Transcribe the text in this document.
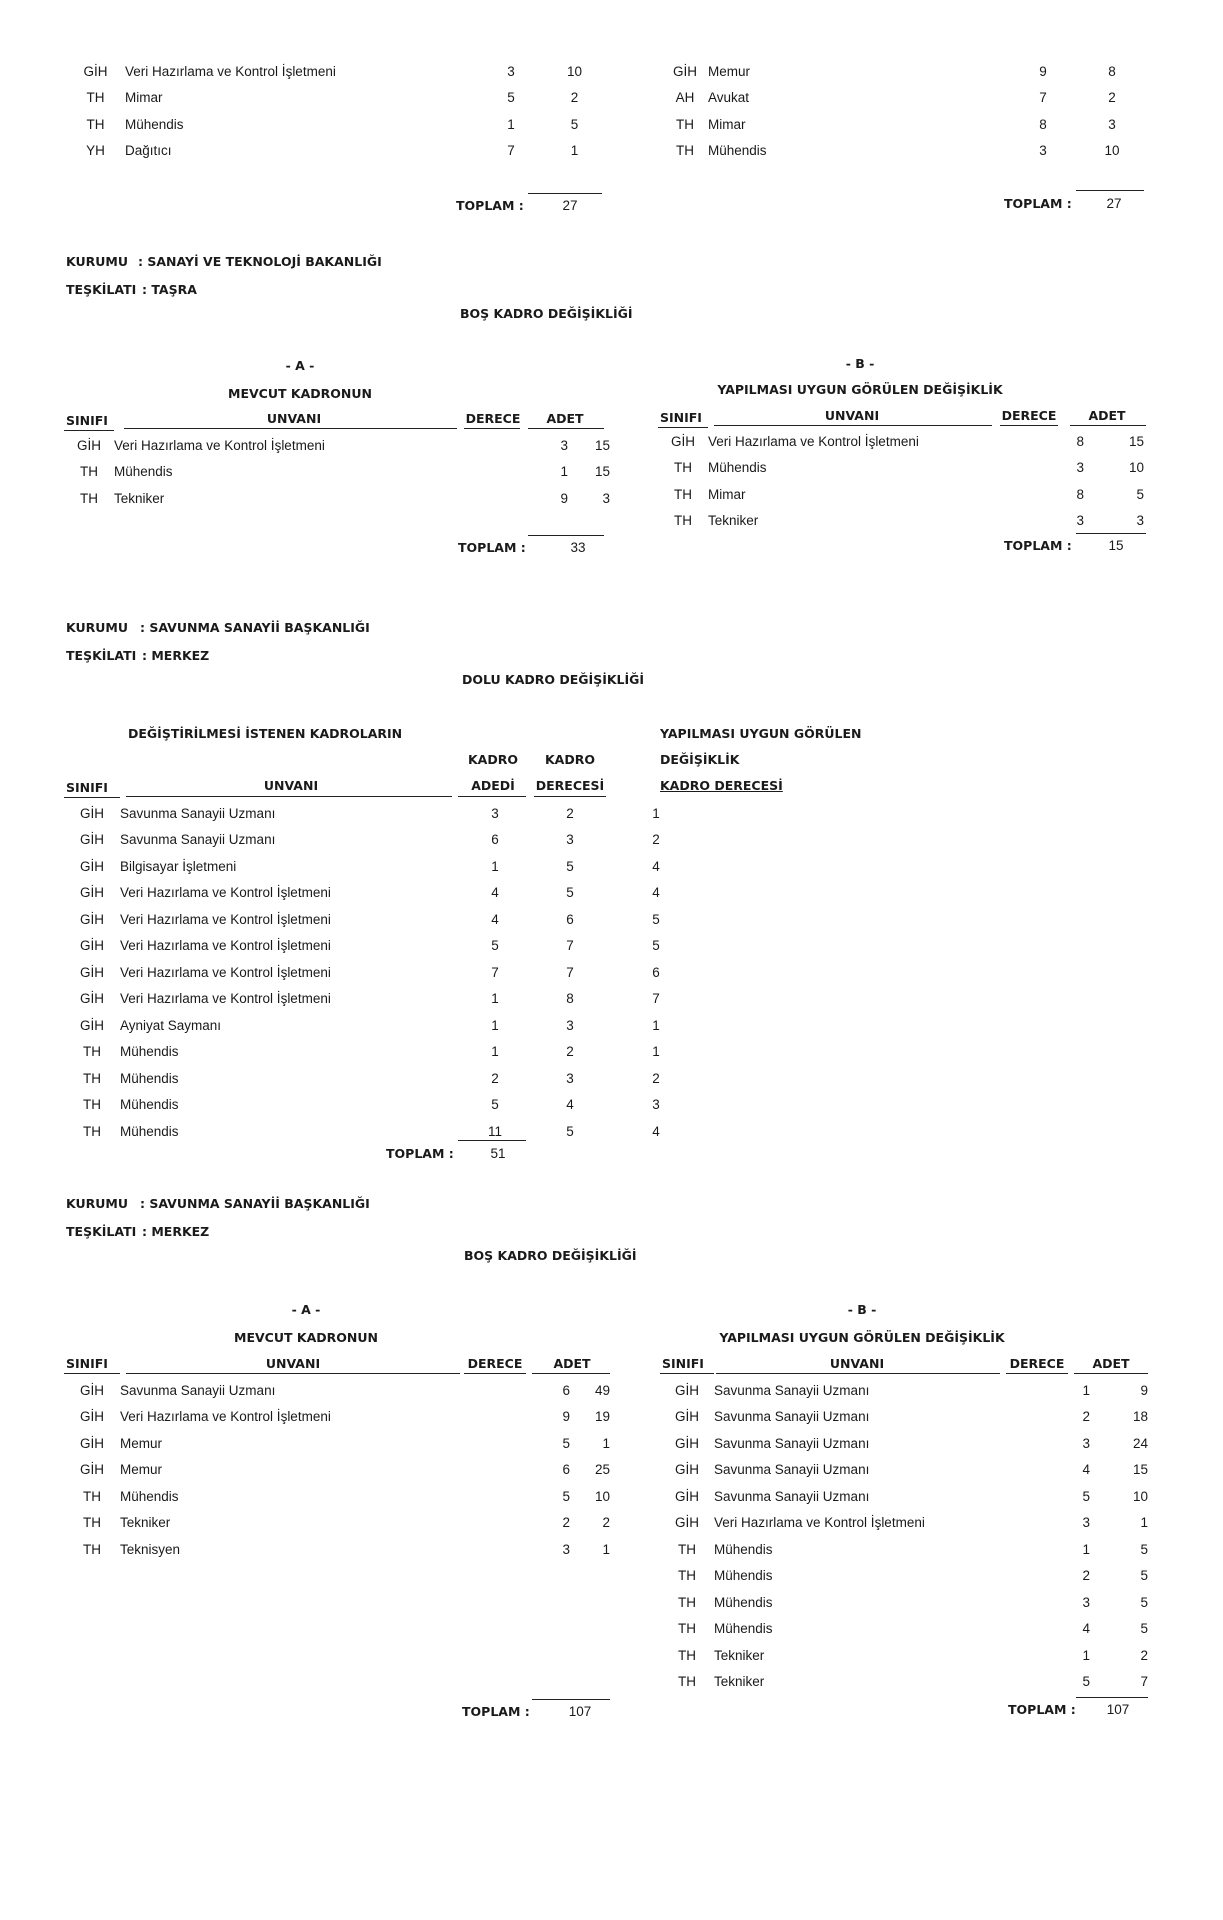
GİH	Veri Hazırlama ve Kontrol İşletmeni	3	10
TH	Mimar	5	2
TH	Mühendis	1	5
YH	Dağıtıcı	7	1
TOPLAM :	27
GİH	Memur	9	8
AH	Avukat	7	2
TH	Mimar	8	3
TH	Mühendis	3	10
TOPLAM :	27
KURUMU : SANAYİ VE TEKNOLOJİ BAKANLIĞI
TEŞKİLATI : TAŞRA
BOŞ KADRO DEĞİŞİKLİĞİ
- A -
MEVCUT KADRONUN
SINIFI	UNVANI	DERECE	ADET
GİH	Veri Hazırlama ve Kontrol İşletmeni	3	15
TH	Mühendis	1	15
TH	Tekniker	9	3
TOPLAM :	33
- B -
YAPILMASI UYGUN GÖRÜLEN DEĞİŞİKLİK
SINIFI	UNVANI	DERECE	ADET
GİH	Veri Hazırlama ve Kontrol İşletmeni	8	15
TH	Mühendis	3	10
TH	Mimar	8	5
TH	Tekniker	3	3
TOPLAM :	15
KURUMU : SAVUNMA SANAYİİ BAŞKANLIĞI
TEŞKİLATI : MERKEZ
DOLU KADRO DEĞİŞİKLİĞİ
DEĞİŞTİRİLMESİ İSTENEN KADROLARIN
KADRO	KADRO
SINIFI	UNVANI	ADEDİ	DERECESİ
YAPILMASI UYGUN GÖRÜLEN
DEĞİŞİKLİK
KADRO DERECESİ
GİH	Savunma Sanayii Uzmanı	3	2	1
GİH	Savunma Sanayii Uzmanı	6	3	2
GİH	Bilgisayar İşletmeni	1	5	4
GİH	Veri Hazırlama ve Kontrol İşletmeni	4	5	4
GİH	Veri Hazırlama ve Kontrol İşletmeni	4	6	5
GİH	Veri Hazırlama ve Kontrol İşletmeni	5	7	5
GİH	Veri Hazırlama ve Kontrol İşletmeni	7	7	6
GİH	Veri Hazırlama ve Kontrol İşletmeni	1	8	7
GİH	Ayniyat Saymanı	1	3	1
TH	Mühendis	1	2	1
TH	Mühendis	2	3	2
TH	Mühendis	5	4	3
TH	Mühendis	11	5	4
TOPLAM :	51
KURUMU : SAVUNMA SANAYİİ BAŞKANLIĞI
TEŞKİLATI : MERKEZ
BOŞ KADRO DEĞİŞİKLİĞİ
- A -
MEVCUT KADRONUN
SINIFI	UNVANI	DERECE	ADET
GİH	Savunma Sanayii Uzmanı	6	49
GİH	Veri Hazırlama ve Kontrol İşletmeni	9	19
GİH	Memur	5	1
GİH	Memur	6	25
TH	Mühendis	5	10
TH	Tekniker	2	2
TH	Teknisyen	3	1
TOPLAM :	107
- B -
YAPILMASI UYGUN GÖRÜLEN DEĞİŞİKLİK
SINIFI	UNVANI	DERECE	ADET
GİH	Savunma Sanayii Uzmanı	1	9
GİH	Savunma Sanayii Uzmanı	2	18
GİH	Savunma Sanayii Uzmanı	3	24
GİH	Savunma Sanayii Uzmanı	4	15
GİH	Savunma Sanayii Uzmanı	5	10
GİH	Veri Hazırlama ve Kontrol İşletmeni	3	1
TH	Mühendis	1	5
TH	Mühendis	2	5
TH	Mühendis	3	5
TH	Mühendis	4	5
TH	Tekniker	1	2
TH	Tekniker	5	7
TOPLAM :	107
